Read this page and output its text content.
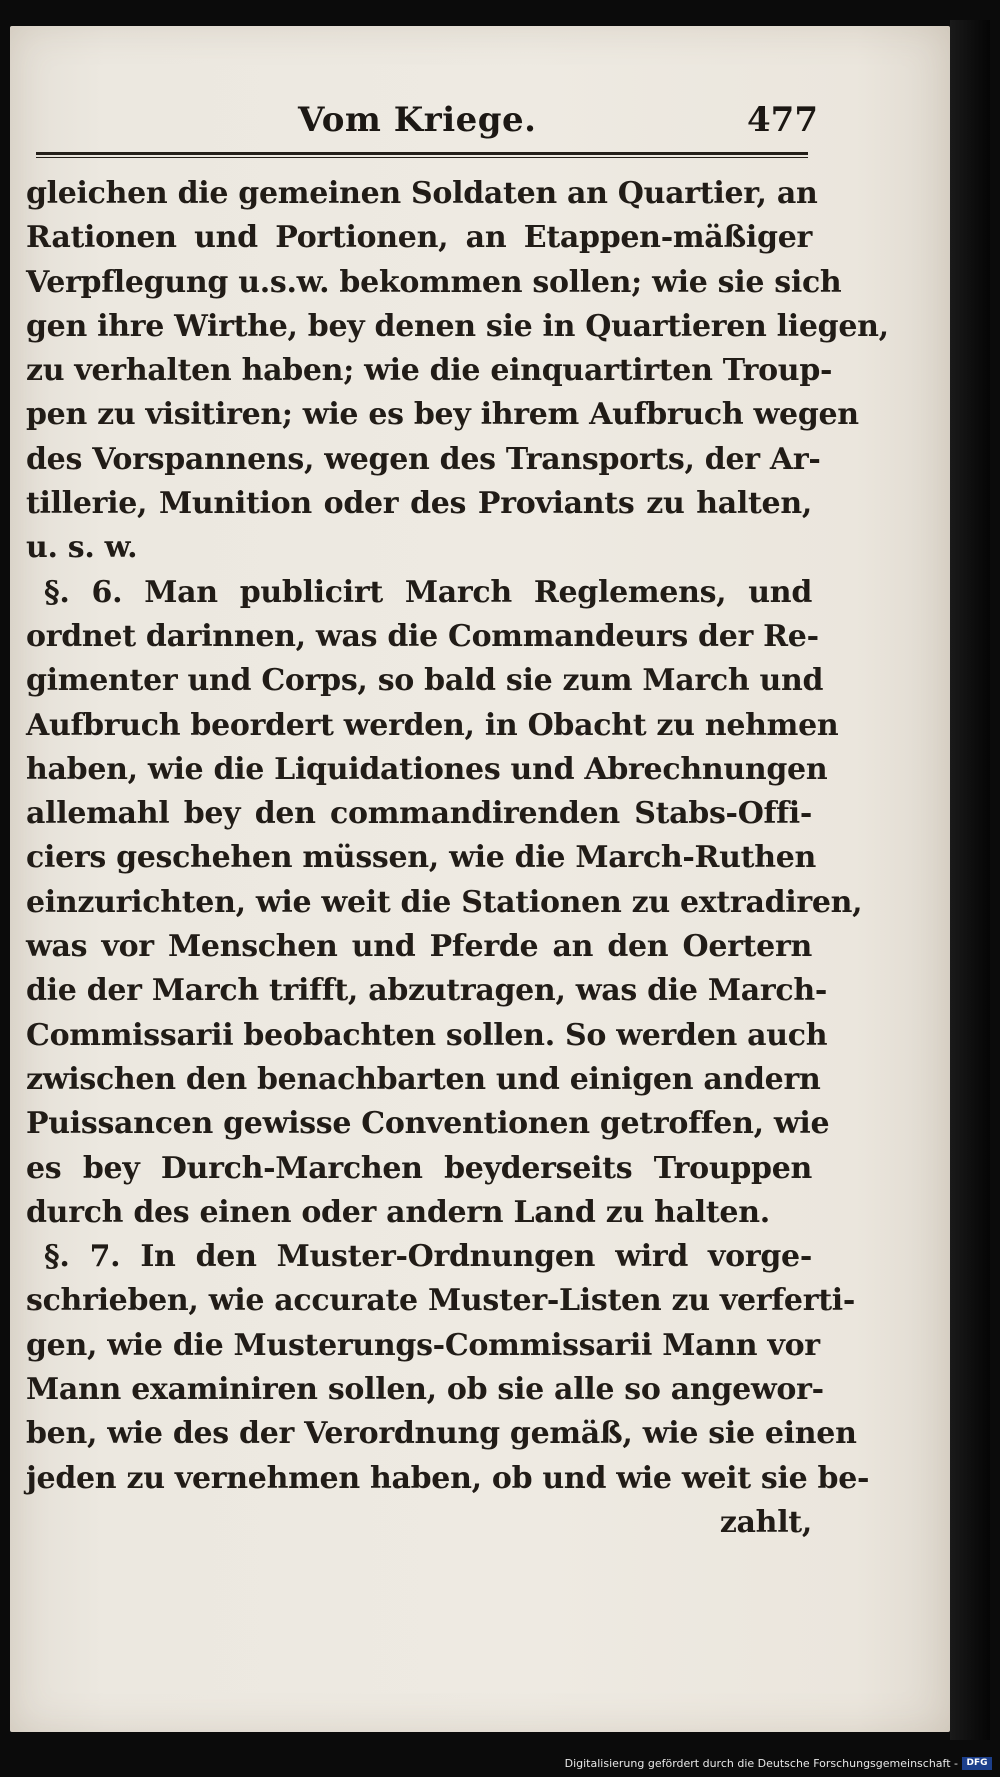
Vom Kriege.	477
gleichen die gemeinen Soldaten an Quartier, an
Rationen und Portionen, an Etappen-mäßiger
Verpflegung u.s.w. bekommen sollen; wie sie sich
gen ihre Wirthe, bey denen sie in Quartieren liegen,
zu verhalten haben; wie die einquartirten Troup-
pen zu visitiren; wie es bey ihrem Aufbruch wegen
des Vorspannens, wegen des Transports, der Ar-
tillerie, Munition oder des Proviants zu halten,
u. s. w.
§. 6. Man publicirt March Reglemens, und
ordnet darinnen, was die Commandeurs der Re-
gimenter und Corps, so bald sie zum March und
Aufbruch beordert werden, in Obacht zu nehmen
haben, wie die Liquidationes und Abrechnungen
allemahl bey den commandirenden Stabs-Offi-
ciers geschehen müssen, wie die March-Ruthen
einzurichten, wie weit die Stationen zu extradiren,
was vor Menschen und Pferde an den Oertern
die der March trifft, abzutragen, was die March-
Commissarii beobachten sollen. So werden auch
zwischen den benachbarten und einigen andern
Puissancen gewisse Conventionen getroffen, wie
es bey Durch-Marchen beyderseits Trouppen
durch des einen oder andern Land zu halten.
§. 7. In den Muster-Ordnungen wird vorge-
schrieben, wie accurate Muster-Listen zu verferti-
gen, wie die Musterungs-Commissarii Mann vor
Mann examiniren sollen, ob sie alle so angewor-
ben, wie des der Verordnung gemäß, wie sie einen
jeden zu vernehmen haben, ob und wie weit sie be-
zahlt,
Digitalisierung gefördert durch die Deutsche Forschungsgemeinschaft - DFG
